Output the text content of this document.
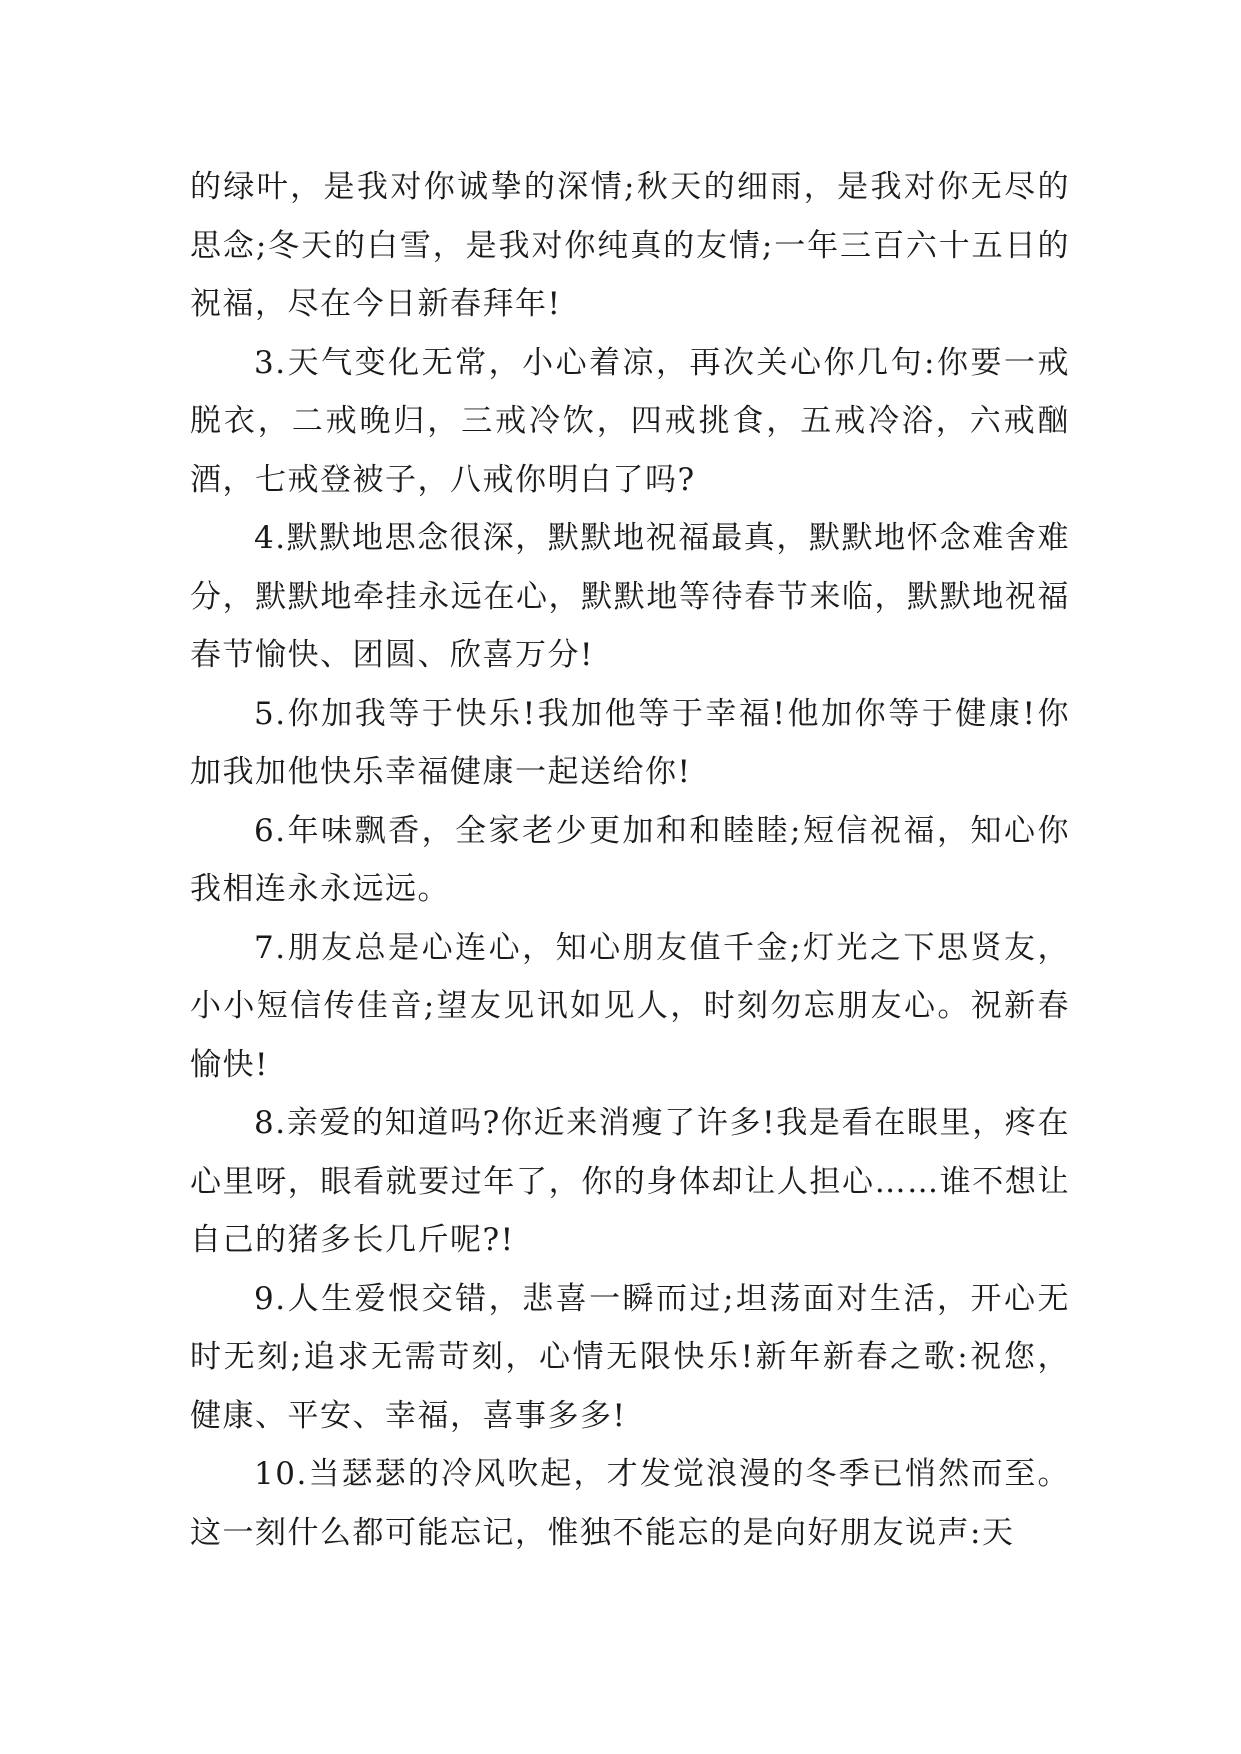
的绿叶，是我对你诚挚的深情;秋天的细雨，是我对你无尽的思念;冬天的白雪，是我对你纯真的友情;一年三百六十五日的祝福，尽在今日新春拜年!

3.天气变化无常，小心着凉，再次关心你几句:你要一戒脱衣，二戒晚归，三戒冷饮，四戒挑食，五戒冷浴，六戒酗酒，七戒登被子，八戒你明白了吗?

4.默默地思念很深，默默地祝福最真，默默地怀念难舍难分，默默地牵挂永远在心，默默地等待春节来临，默默地祝福春节愉快、团圆、欣喜万分!

5.你加我等于快乐!我加他等于幸福!他加你等于健康!你加我加他快乐幸福健康一起送给你!

6.年味飘香，全家老少更加和和睦睦;短信祝福，知心你我相连永永远远。

7.朋友总是心连心，知心朋友值千金;灯光之下思贤友，小小短信传佳音;望友见讯如见人，时刻勿忘朋友心。祝新春愉快!

8.亲爱的知道吗?你近来消瘦了许多!我是看在眼里，疼在心里呀，眼看就要过年了，你的身体却让人担心……谁不想让自己的猪多长几斤呢?!

9.人生爱恨交错，悲喜一瞬而过;坦荡面对生活，开心无时无刻;追求无需苛刻，心情无限快乐!新年新春之歌:祝您，健康、平安、幸福，喜事多多!

10.当瑟瑟的冷风吹起，才发觉浪漫的冬季已悄然而至。这一刻什么都可能忘记，惟独不能忘的是向好朋友说声:天
